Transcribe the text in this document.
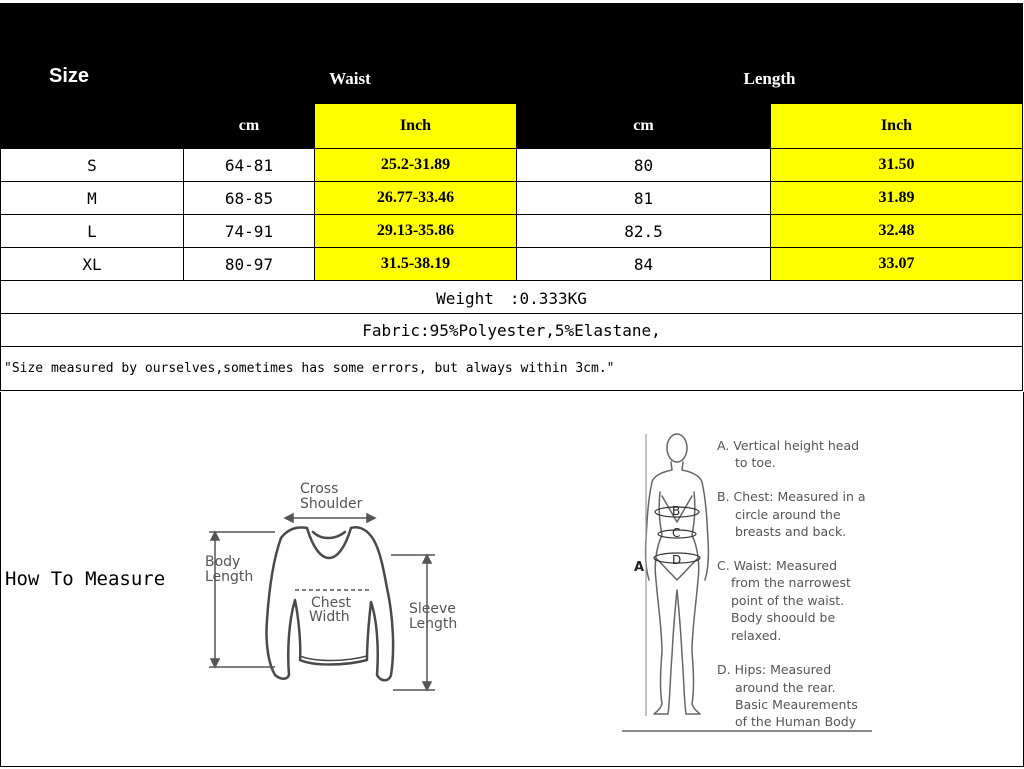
Size				
	Waist		Length	
	cm	Inch	cm	Inch
S	64-81	25.2-31.89	80	31.50
M	68-85	26.77-33.46	81	31.89
L	74-91	29.13-35.86	82.5	32.48
XL	80-97	31.5-38.19	84	33.07
Weight　:0.333KG				
Fabric:95%Polyester,5%Elastane,				
"Size measured by ourselves,sometimes has some errors, but always within 3cm."				
How To Measure
Cross
Shoulder
Body
Length
Chest
Width	Sleeve
Length
B
C
D
A
A. Vertical height head
to toe.
B. Chest: Measured in a
circle around the
breasts and back.
C. Waist: Measured
from the narrowest
point of the waist.
Body shoould be
relaxed.
D. Hips: Measured
around the rear.
Basic Meaurements
of the Human Body
